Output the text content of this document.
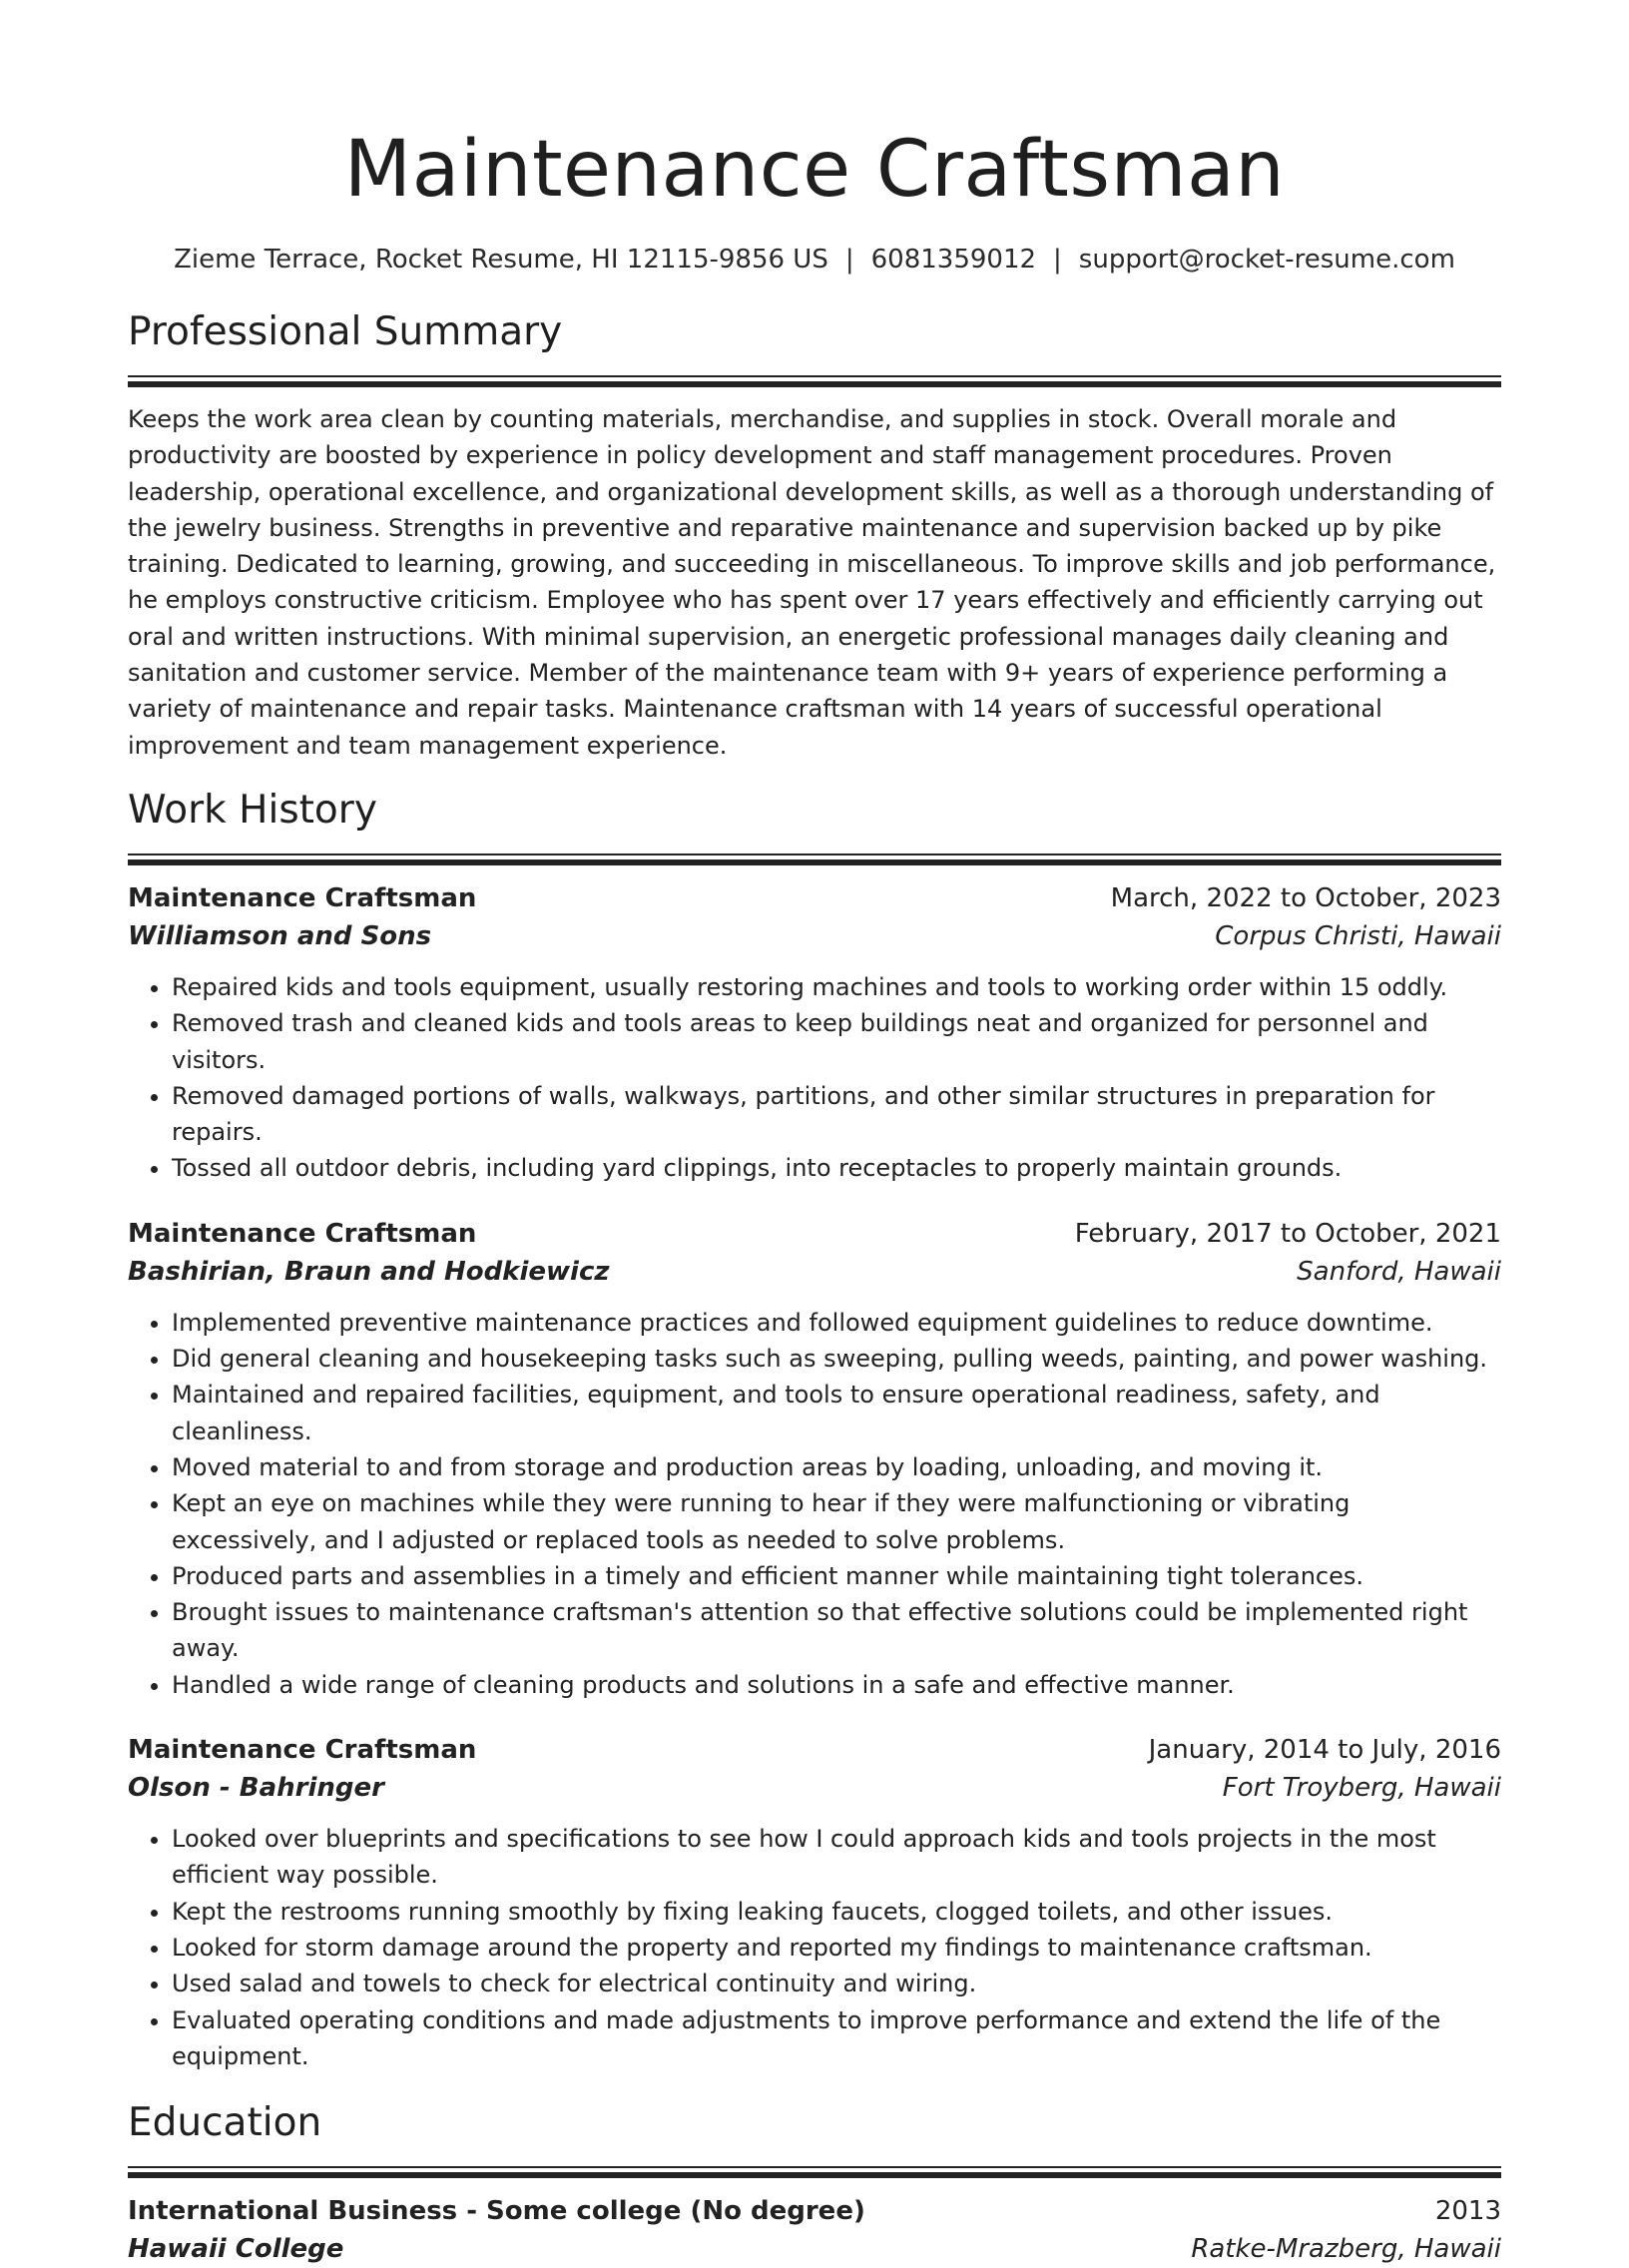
Maintenance Craftsman
Zieme Terrace, Rocket Resume, HI 12115-9856 US | 6081359012 | support@rocket-resume.com
Professional Summary

Keeps the work area clean by counting materials, merchandise, and supplies in stock. Overall morale and productivity are boosted by experience in policy development and staff management procedures. Proven leadership, operational excellence, and organizational development skills, as well as a thorough understanding of the jewelry business. Strengths in preventive and reparative maintenance and supervision backed up by pike training. Dedicated to learning, growing, and succeeding in miscellaneous. To improve skills and job performance, he employs constructive criticism. Employee who has spent over 17 years effectively and efficiently carrying out oral and written instructions. With minimal supervision, an energetic professional manages daily cleaning and sanitation and customer service. Member of the maintenance team with 9+ years of experience performing a variety of maintenance and repair tasks. Maintenance craftsman with 14 years of successful operational improvement and team management experience.

Work History
Maintenance Craftsman	March, 2022 to October, 2023
Williamson and Sons	Corpus Christi, Hawaii
• Repaired kids and tools equipment, usually restoring machines and tools to working order within 15 oddly.
• Removed trash and cleaned kids and tools areas to keep buildings neat and organized for personnel and visitors.
• Removed damaged portions of walls, walkways, partitions, and other similar structures in preparation for repairs.
• Tossed all outdoor debris, including yard clippings, into receptacles to properly maintain grounds.
Maintenance Craftsman	February, 2017 to October, 2021
Bashirian, Braun and Hodkiewicz	Sanford, Hawaii
• Implemented preventive maintenance practices and followed equipment guidelines to reduce downtime.
• Did general cleaning and housekeeping tasks such as sweeping, pulling weeds, painting, and power washing.
• Maintained and repaired facilities, equipment, and tools to ensure operational readiness, safety, and cleanliness.
• Moved material to and from storage and production areas by loading, unloading, and moving it.
• Kept an eye on machines while they were running to hear if they were malfunctioning or vibrating excessively, and I adjusted or replaced tools as needed to solve problems.
• Produced parts and assemblies in a timely and efficient manner while maintaining tight tolerances.
• Brought issues to maintenance craftsman's attention so that effective solutions could be implemented right away.
• Handled a wide range of cleaning products and solutions in a safe and effective manner.
Maintenance Craftsman	January, 2014 to July, 2016
Olson - Bahringer	Fort Troyberg, Hawaii
• Looked over blueprints and specifications to see how I could approach kids and tools projects in the most efficient way possible.
• Kept the restrooms running smoothly by fixing leaking faucets, clogged toilets, and other issues.
• Looked for storm damage around the property and reported my findings to maintenance craftsman.
• Used salad and towels to check for electrical continuity and wiring.
• Evaluated operating conditions and made adjustments to improve performance and extend the life of the equipment.
Education
International Business - Some college (No degree)	2013
Hawaii College	Ratke-Mrazberg, Hawaii
